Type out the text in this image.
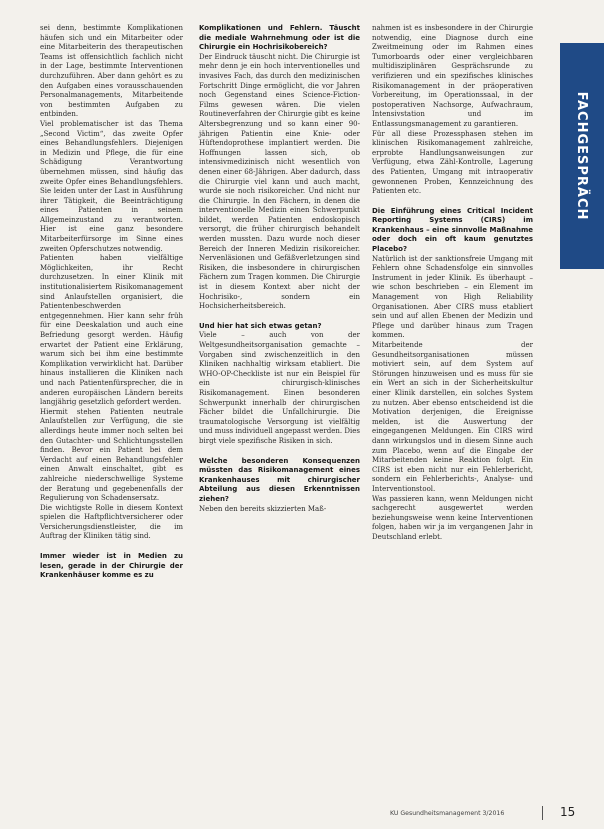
sei denn, bestimmte Komplikationen häufen sich und ein Mitarbeiter oder eine Mitarbeiterin des therapeutischen Teams ist offensichtlich fachlich nicht in der Lage, bestimmte Interventionen durchzuführen. Aber dann gehört es zu den Aufgaben eines vorausschauenden Personalmanagements, Mitarbeitende von bestimmten Aufgaben zu entbinden.

Viel problematischer ist das Thema „Second Victim“, das zweite Opfer eines Behandlungsfehlers. Diejenigen in Medizin und Pflege, die für eine Schädigung Verantwortung übernehmen müssen, sind häufig das zweite Opfer eines Behandlungsfehlers. Sie leiden unter der Last in Ausführung ihrer Tätigkeit, die Beeinträchtigung eines Patienten in seinem Allgemeinzustand zu verantworten. Hier ist eine ganz besondere Mitarbeiterfürsorge im Sinne eines zweiten Opferschutzes notwendig.

Patienten haben vielfältige Möglichkeiten, ihr Recht durchzusetzen. In einer Klinik mit institutionalisiertem Risikomanagement sind Anlaufstellen organisiert, die Patientenbeschwerden entgegennehmen. Hier kann sehr früh für eine Deeskalation und auch eine Befriedung gesorgt werden. Häufig erwartet der Patient eine Erklärung, warum sich bei ihm eine bestimmte Komplikation verwirklicht hat. Darüber hinaus installieren die Kliniken nach und nach Patientenfürsprecher, die in anderen europäischen Ländern bereits langjährig gesetzlich gefordert werden.

Hiermit stehen Patienten neutrale Anlaufstellen zur Verfügung, die sie allerdings heute immer noch selten bei den Gutachter- und Schlichtungsstellen finden. Bevor ein Patient bei dem Verdacht auf einen Behandlungsfehler einen Anwalt einschaltet, gibt es zahlreiche niederschwellige Systeme der Beratung und gegebenenfalls der Regulierung von Schadensersatz.

Die wichtigste Rolle in diesem Kontext spielen die Haftpflichtversicherer oder Versicherungsdienstleister, die im Auftrag der Kliniken tätig sind.

Immer wieder ist in Medien zu lesen, gerade in der Chirurgie der Krankenhäuser komme es zu

Komplikationen und Fehlern. Täuscht die mediale Wahrnehmung oder ist die Chirurgie ein Hochrisikobereich?

Der Eindruck täuscht nicht. Die Chirurgie ist mehr denn je ein hoch interventionelles und invasives Fach, das durch den medizinischen Fortschritt Dinge ermöglicht, die vor Jahren noch Gegenstand eines Science-Fiction-Films gewesen wären. Die vielen Routineverfahren der Chirurgie gibt es keine Altersbegrenzung und so kann einer 90-jährigen Patientin eine Knie- oder Hüftendoprothese implantiert werden. Die Hoffnungen lassen sich, ob intensivmedizinisch nicht wesentlich von denen einer 68-Jährigen. Aber dadurch, dass die Chirurgie viel kann und auch macht, wurde sie noch risikoreicher. Und nicht nur die Chirurgie. In den Fächern, in denen die interventionelle Medizin einen Schwerpunkt bildet, werden Patienten endoskopisch versorgt, die früher chirurgisch behandelt werden mussten. Dazu wurde noch dieser Bereich der Inneren Medizin risikoreicher. Nervenläsionen und Gefäßverletzungen sind Risiken, die insbesondere in chirurgischen Fächern zum Tragen kommen. Die Chirurgie ist in diesem Kontext aber nicht der Hochrisiko-, sondern ein Hochsicherheitsbereich.

Und hier hat sich etwas getan?

Viele – auch von der Weltgesundheitsorganisation gemachte – Vorgaben sind zwischenzeitlich in den Kliniken nachhaltig wirksam etabliert. Die WHO-OP-Checkliste ist nur ein Beispiel für ein chirurgisch-klinisches Risikomanagement. Einen besonderen Schwerpunkt innerhalb der chirurgischen Fächer bildet die Unfallchirurgie. Die traumatologische Versorgung ist vielfältig und muss individuell angepasst werden. Dies birgt viele spezifische Risiken in sich.

Welche besonderen Konsequenzen müssten das Risikomanagement eines Krankenhauses mit chirurgischer Abteilung aus diesen Erkenntnissen ziehen?

Neben den bereits skizzierten Maß-

nahmen ist es insbesondere in der Chirurgie notwendig, eine Diagnose durch eine Zweitmeinung oder im Rahmen eines Tumorboards oder einer vergleichbaren multidisziplinären Gesprächsrunde zu verifizieren und ein spezifisches klinisches Risikomanagement in der präoperativen Vorbereitung, im Operationssaal, in der postoperativen Nachsorge, Aufwachraum, Intensivstation und im Entlassungsmanagement zu garantieren.

Für all diese Prozessphasen stehen im klinischen Risikomanagement zahlreiche, erprobte Handlungsanweisungen zur Verfügung, etwa Zähl-Kontrolle, Lagerung des Patienten, Umgang mit intraoperativ gewonnenen Proben, Kennzeichnung des Patienten etc.

Die Einführung eines Critical Incident Reporting Systems (CIRS) im Krankenhaus – eine sinnvolle Maßnahme oder doch ein oft kaum genutztes Placebo?

Natürlich ist der sanktionsfreie Umgang mit Fehlern ohne Schadensfolge ein sinnvolles Instrument in jeder Klinik. Es überhaupt – wie schon beschrieben – ein Element im Management von High Reliability Organisationen. Aber CIRS muss etabliert sein und auf allen Ebenen der Medizin und Pflege und darüber hinaus zum Tragen kommen.

Mitarbeitende der Gesundheitsorganisationen müssen motiviert sein, auf dem System auf Störungen hinzuweisen und es muss für sie ein Wert an sich in der Sicherheitskultur einer Klinik darstellen, ein solches System zu nutzen. Aber ebenso entscheidend ist die Motivation derjenigen, die Ereignisse melden, ist die Auswertung der eingegangenen Meldungen. Ein CIRS wird dann wirkungslos und in diesem Sinne auch zum Placebo, wenn auf die Eingabe der Mitarbeitenden keine Reaktion folgt. Ein CIRS ist eben nicht nur ein Fehlerbericht, sondern ein Fehlerberichts-, Analyse- und Interventionstool.

Was passieren kann, wenn Meldungen nicht sachgerecht ausgewertet werden beziehungsweise wenn keine Interventionen folgen, haben wir ja im vergangenen Jahr in Deutschland erlebt.

FACHGESPRÄCH
KU Gesundheitsmanagement 3/2016	15
